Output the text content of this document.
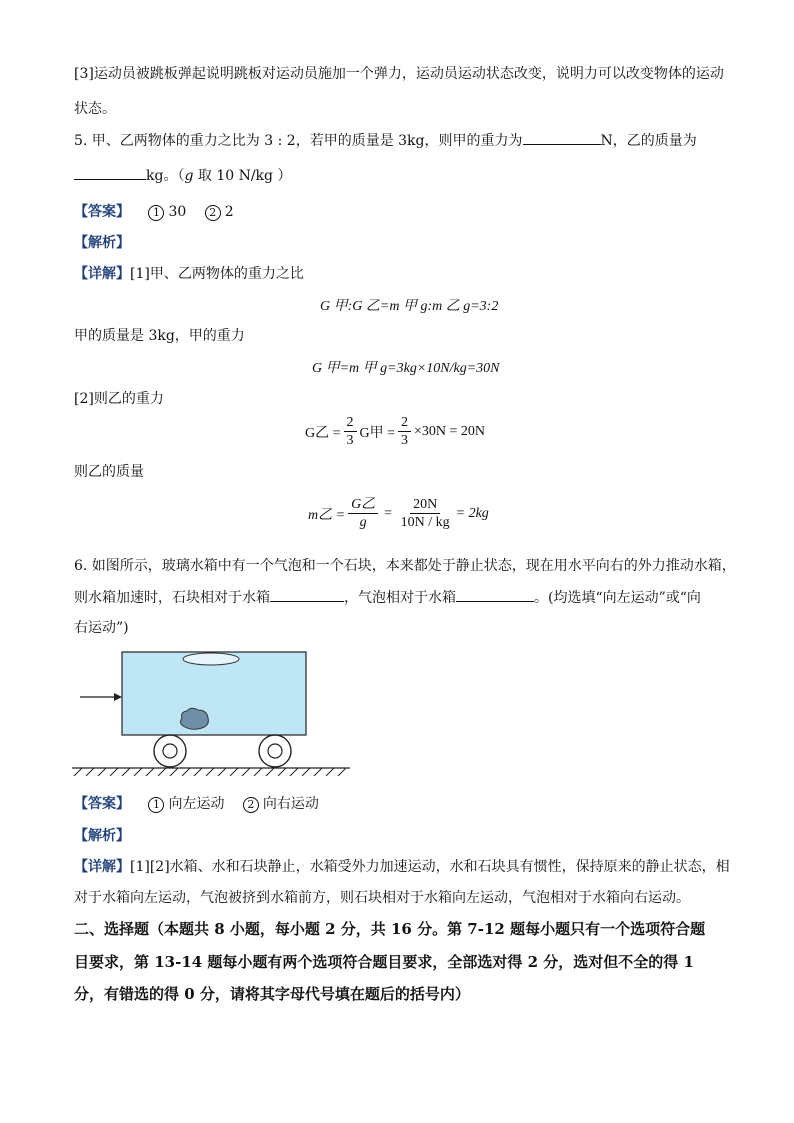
[3]运动员被跳板弹起说明跳板对运动员施加一个弹力，运动员运动状态改变，说明力可以改变物体的运动
状态。
5. 甲、乙两物体的重力之比为 3 : 2，若甲的质量是 3kg，则甲的重力为	N，乙的质量为
kg。（g 取 10 N/kg ）
【答案】 1 30 2 2
【解析】
【详解】[1]甲、乙两物体的重力之比
G 甲:G 乙=m 甲 g:m 乙 g=3:2
甲的质量是 3kg，甲的重力
G 甲=m 甲 g=3kg×10N/kg=30N
[2]则乙的重力
G乙 = $\frac{2}{3}$ G甲 = $\frac{2}{3} \times 30N = 20N$
则乙的质量
m乙 = $\frac{\text{G乙}}{g} = \frac{20N}{10N / kg} = 2kg$
6. 如图所示，玻璃水箱中有一个气泡和一个石块，本来都处于静止状态，现在用水平向右的外力推动水箱，
则水箱加速时，石块相对于水箱	，气泡相对于水箱	。(均选填“向左运动”或“向
右运动”)
【答案】 1 向左运动 2 向右运动
【解析】
【详解】[1][2]水箱、水和石块静止，水箱受外力加速运动，水和石块具有惯性，保持原来的静止状态，相
对于水箱向左运动，气泡被挤到水箱前方，则石块相对于水箱向左运动，气泡相对于水箱向右运动。
二、选择题（本题共 8 小题，每小题 2 分，共 16 分。第 7-12 题每小题只有一个选项符合题
目要求，第 13-14 题每小题有两个选项符合题目要求，全部选对得 2 分，选对但不全的得 1
分，有错选的得 0 分，请将其字母代号填在题后的括号内）
